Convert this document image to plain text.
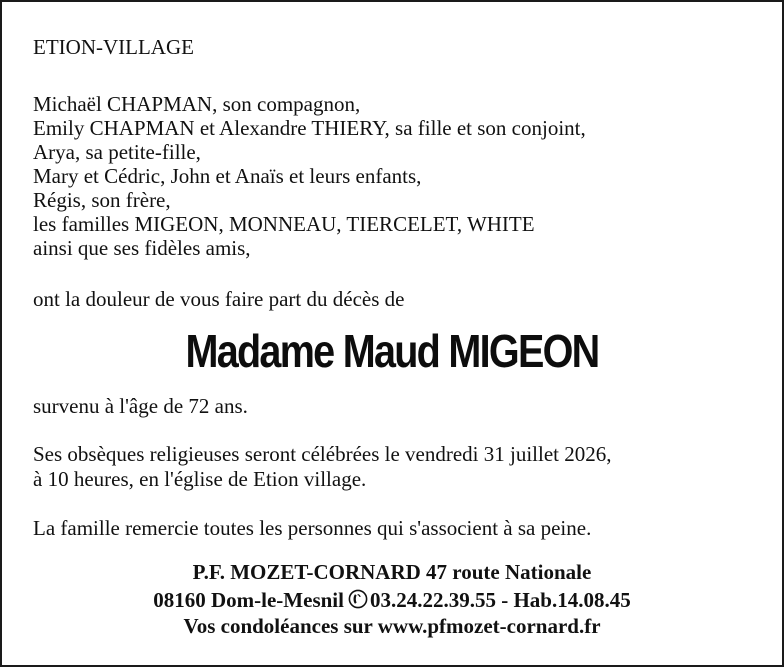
ETION-VILLAGE
Michaël CHAPMAN, son compagnon,
Emily CHAPMAN et Alexandre THIERY, sa fille et son conjoint,
Arya, sa petite-fille,
Mary et Cédric, John et Anaïs et leurs enfants,
Régis, son frère,
les familles MIGEON, MONNEAU, TIERCELET, WHITE
ainsi que ses fidèles amis,
ont la douleur de vous faire part du décès de
Madame Maud MIGEON
survenu à l'âge de 72 ans.
Ses obsèques religieuses seront célébrées le vendredi 31 juillet 2026,
à 10 heures, en l'église de Etion village.
La famille remercie toutes les personnes qui s'associent à sa peine.
P.F. MOZET-CORNARD 47 route Nationale
08160 Dom-le-Mesnil 03.24.22.39.55 - Hab.14.08.45
Vos condoléances sur www.pfmozet-cornard.fr
